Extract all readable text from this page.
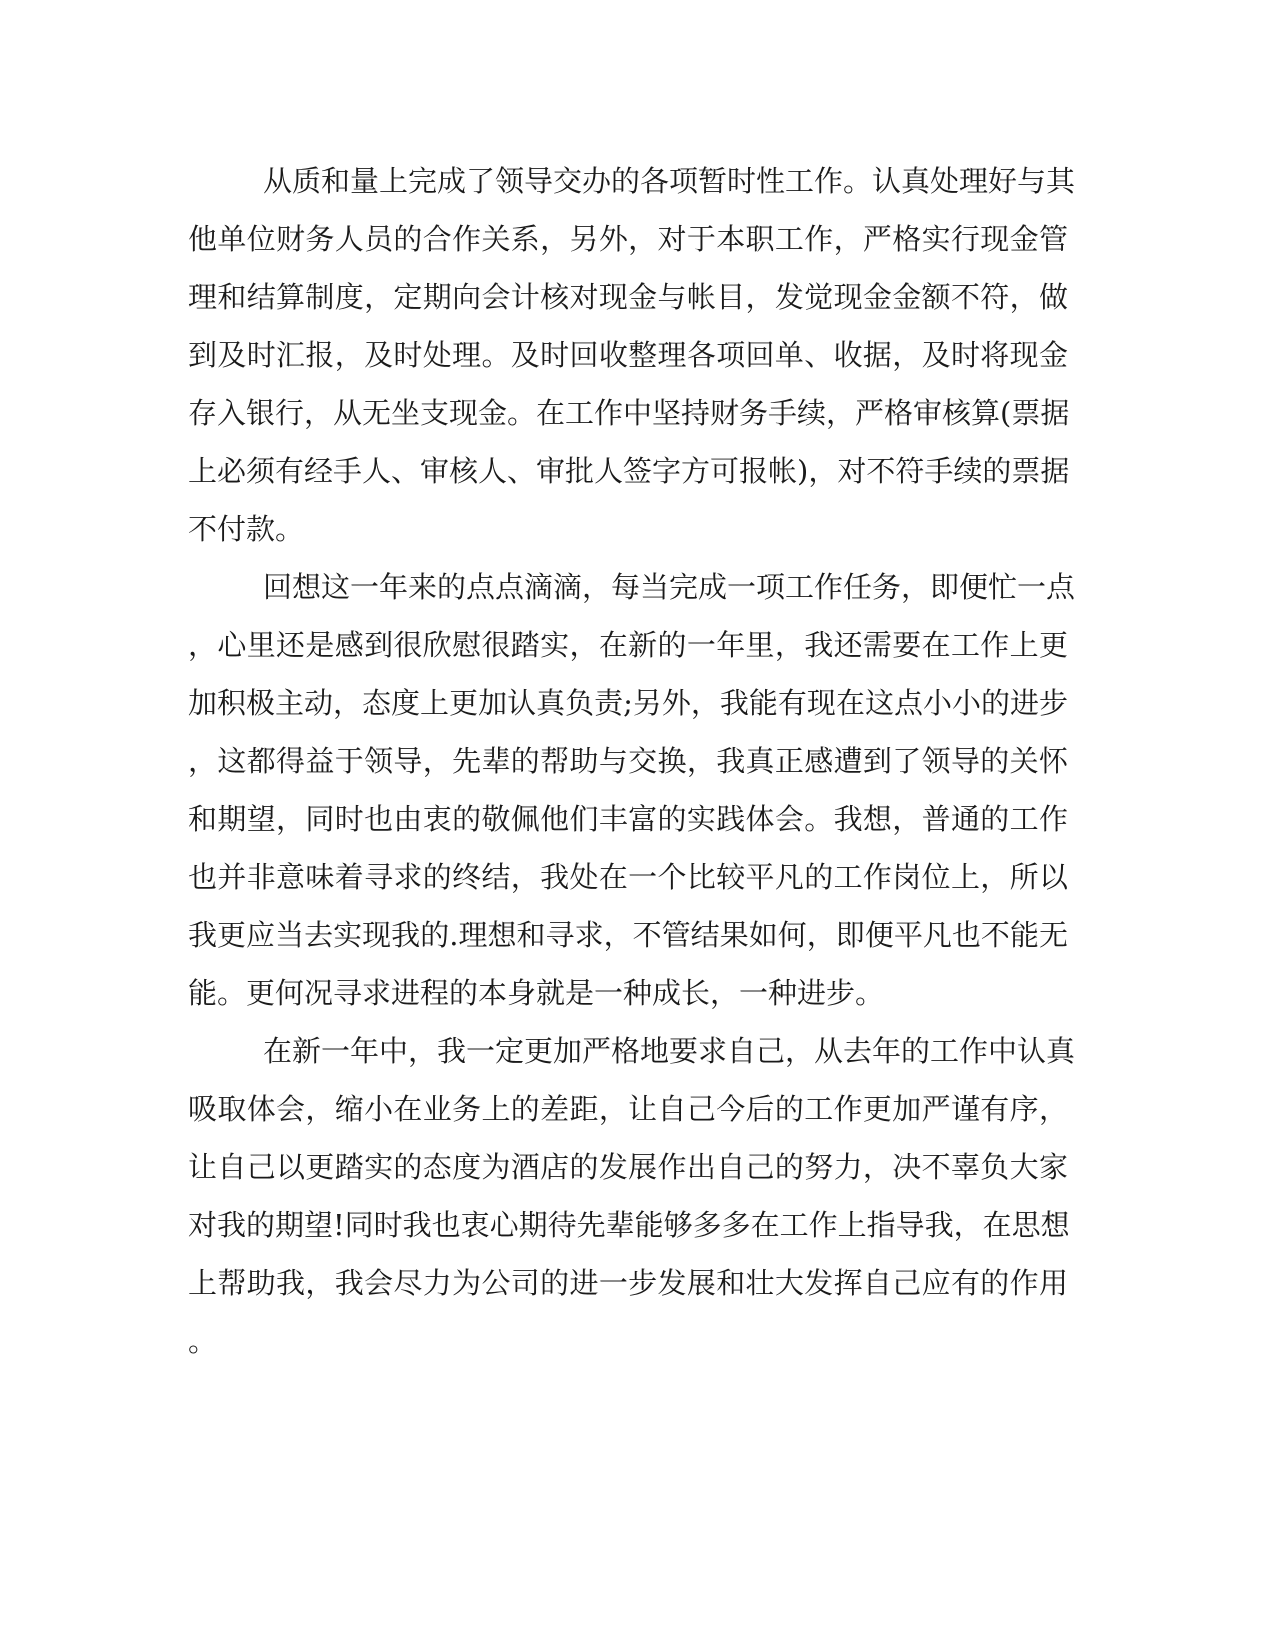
从质和量上完成了领导交办的各项暂时性工作。认真处理好与其
他单位财务人员的合作关系，另外，对于本职工作，严格实行现金管
理和结算制度，定期向会计核对现金与帐目，发觉现金金额不符，做
到及时汇报，及时处理。及时回收整理各项回单、收据，及时将现金
存入银行，从无坐支现金。在工作中坚持财务手续，严格审核算(票据
上必须有经手人、审核人、审批人签字方可报帐)，对不符手续的票据
不付款。
回想这一年来的点点滴滴，每当完成一项工作任务，即便忙一点
，心里还是感到很欣慰很踏实，在新的一年里，我还需要在工作上更
加积极主动，态度上更加认真负责;另外，我能有现在这点小小的进步
，这都得益于领导，先辈的帮助与交换，我真正感遭到了领导的关怀
和期望，同时也由衷的敬佩他们丰富的实践体会。我想，普通的工作
也并非意味着寻求的终结，我处在一个比较平凡的工作岗位上，所以
我更应当去实现我的.理想和寻求，不管结果如何，即便平凡也不能无
能。更何况寻求进程的本身就是一种成长，一种进步。
在新一年中，我一定更加严格地要求自己，从去年的工作中认真
吸取体会，缩小在业务上的差距，让自己今后的工作更加严谨有序，
让自己以更踏实的态度为酒店的发展作出自己的努力，决不辜负大家
对我的期望!同时我也衷心期待先辈能够多多在工作上指导我，在思想
上帮助我，我会尽力为公司的进一步发展和壮大发挥自己应有的作用
。
